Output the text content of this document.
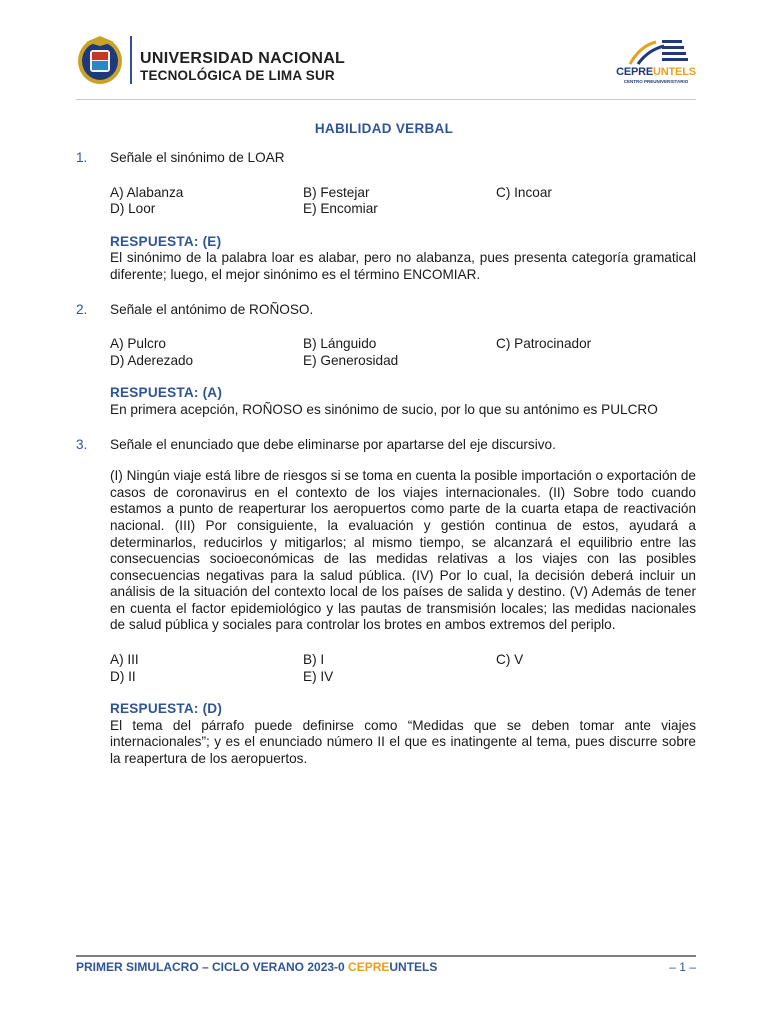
UNIVERSIDAD NACIONAL
TECNOLÓGICA DE LIMA SUR	CEPREUNTELS
CENTRO PREUNIVERSITARIO
HABILIDAD VERBAL
1. Señale el sinónimo de LOAR

A) Alabanza	B) Festejar	C) Incoar
D) Loor	E) Encomiar
RESPUESTA: (E)
El sinónimo de la palabra loar es alabar, pero no alabanza, pues presenta categoría gramatical diferente; luego, el mejor sinónimo es el término ENCOMIAR.
2. Señale el antónimo de ROÑOSO.

A) Pulcro	B) Lánguido	C) Patrocinador
D) Aderezado	E) Generosidad
RESPUESTA: (A)
En primera acepción, ROÑOSO es sinónimo de sucio, por lo que su antónimo es PULCRO
3. Señale el enunciado que debe eliminarse por apartarse del eje discursivo.

(I) Ningún viaje está libre de riesgos si se toma en cuenta la posible importación o exportación de casos de coronavirus en el contexto de los viajes internacionales. (II) Sobre todo cuando estamos a punto de reaperturar los aeropuertos como parte de la cuarta etapa de reactivación nacional. (III) Por consiguiente, la evaluación y gestión continua de estos, ayudará a determinarlos, reducirlos y mitigarlos; al mismo tiempo, se alcanzará el equilibrio entre las consecuencias socioeconómicas de las medidas relativas a los viajes con las posibles consecuencias negativas para la salud pública. (IV) Por lo cual, la decisión deberá incluir un análisis de la situación del contexto local de los países de salida y destino. (V) Además de tener en cuenta el factor epidemiológico y las pautas de transmisión locales; las medidas nacionales de salud pública y sociales para controlar los brotes en ambos extremos del periplo.
A) III	B) I	C) V
D) II	E) IV
RESPUESTA: (D)
El tema del párrafo puede definirse como “Medidas que se deben tomar ante viajes internacionales”; y es el enunciado número II el que es inatingente al tema, pues discurre sobre la reapertura de los aeropuertos.
PRIMER SIMULACRO – CICLO VERANO 2023-0 CEPREUNTELS	– 1 –
